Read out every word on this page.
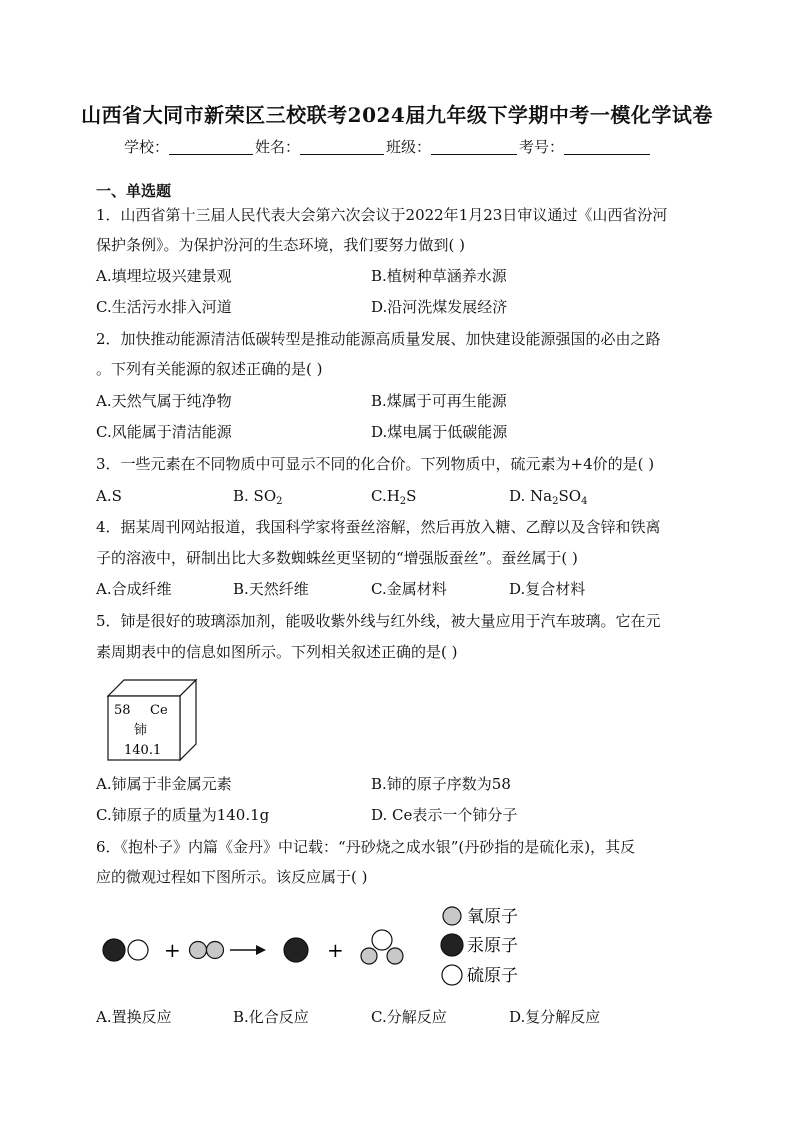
山西省大同市新荣区三校联考2024届九年级下学期中考一模化学试卷
学校：	姓名：	班级：	考号：
一、单选题
1．山西省第十三届人民代表大会第六次会议于2022年1月23日审议通过《山西省汾河
保护条例》。为保护汾河的生态环境，我们要努力做到( )
A.填埋垃圾兴建景观	B.植树种草涵养水源
C.生活污水排入河道	D.沿河洗煤发展经济
2．加快推动能源清洁低碳转型是推动能源高质量发展、加快建设能源强国的必由之路
。下列有关能源的叙述正确的是( )
A.天然气属于纯净物	B.煤属于可再生能源
C.风能属于清洁能源	D.煤电属于低碳能源
3．一些元素在不同物质中可显示不同的化合价。下列物质中，硫元素为+4价的是( )
A.S	B. $SO_2$	$C.H_2S$	D. $Na_2SO_4$
4．据某周刊网站报道，我国科学家将蚕丝溶解，然后再放入糖、乙醇以及含锌和铁离
子的溶液中，研制出比大多数蜘蛛丝更坚韧的“增强版蚕丝”。蚕丝属于( )
A.合成纤维	B.天然纤维	C.金属材料	D.复合材料
5．铈是很好的玻璃添加剂，能吸收紫外线与红外线，被大量应用于汽车玻璃。它在元
素周期表中的信息如图所示。下列相关叙述正确的是( )
58 Ce
铈
140.1
A.铈属于非金属元素	B.铈的原子序数为58
C.铈原子的质量为140.1g	D. Ce表示一个铈分子
6．《抱朴子》内篇《金丹》中记载：“丹砂烧之成水银”(丹砂指的是硫化汞)，其反
应的微观过程如下图所示。该反应属于( )
+	+
氧原子
汞原子
硫原子
A.置换反应	B.化合反应	C.分解反应	D.复分解反应
